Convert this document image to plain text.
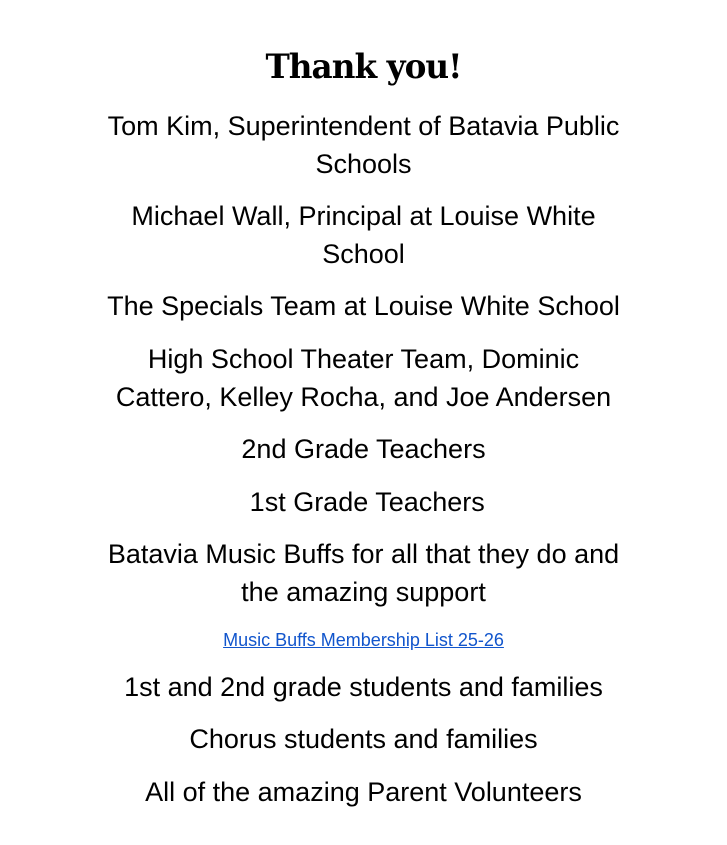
Thank you!
Tom Kim, Superintendent of Batavia Public
Schools
Michael Wall, Principal at Louise White
School
The Specials Team at Louise White School
High School Theater Team, Dominic
Cattero, Kelley Rocha, and Joe Andersen
2nd Grade Teachers
1st Grade Teachers
Batavia Music Buffs for all that they do and
the amazing support
Music Buffs Membership List 25-26
1st and 2nd grade students and families
Chorus students and families
All of the amazing Parent Volunteers
